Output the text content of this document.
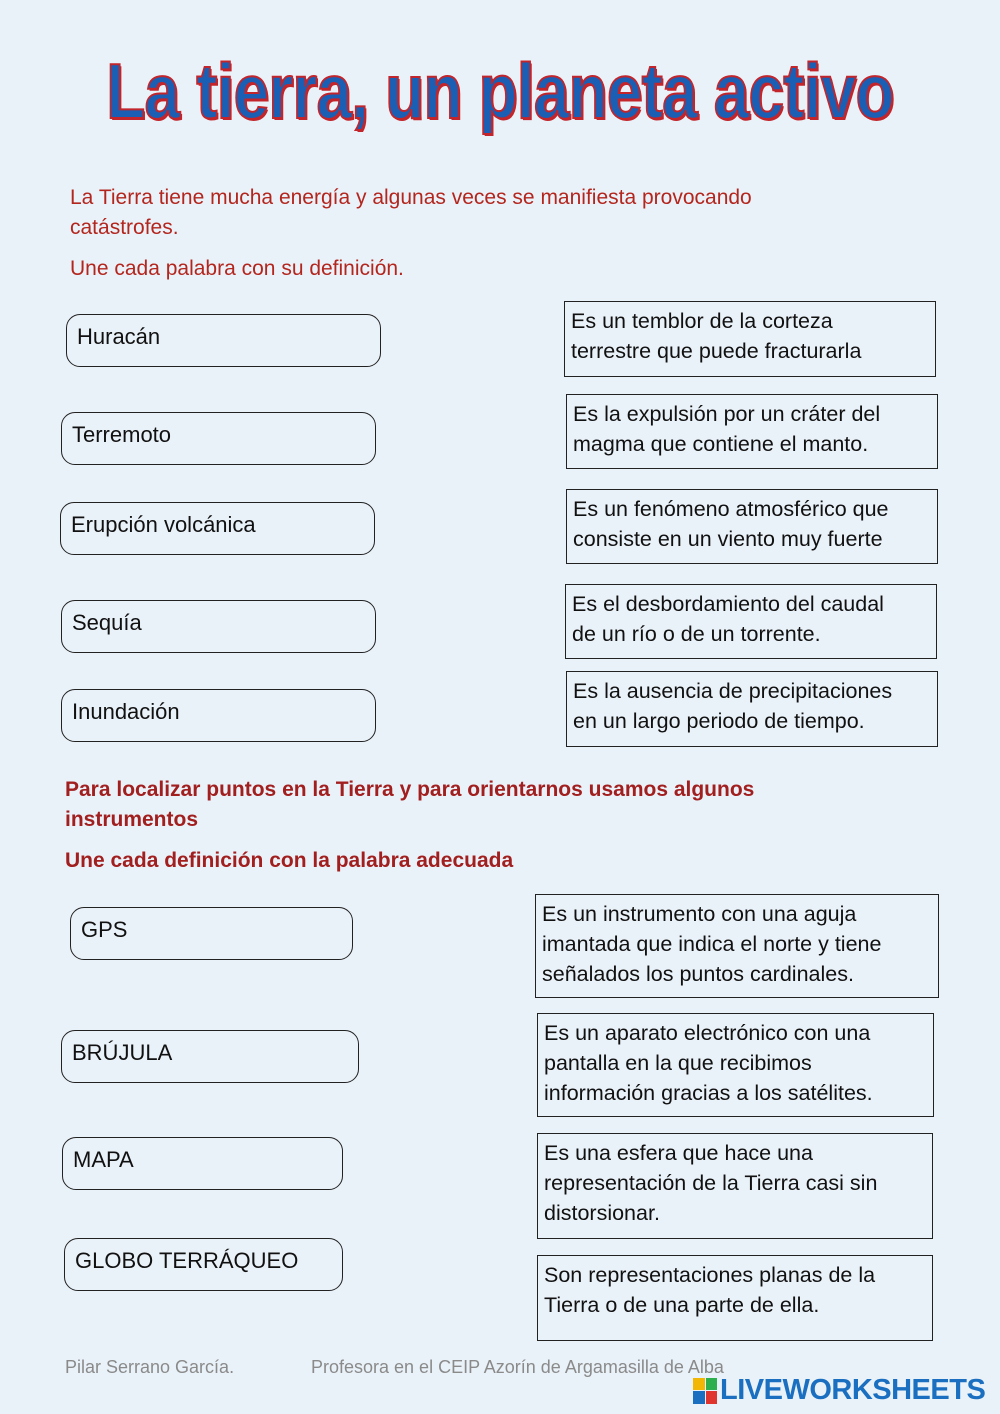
La tierra, un planeta activo
La Tierra tiene mucha energía y algunas veces se manifiesta provocando
catástrofes.
Une cada palabra con su definición.
Huracán
Terremoto
Erupción volcánica
Sequía
Inundación
Es un temblor de la corteza
terrestre que puede fracturarla
Es la expulsión por un cráter del
magma que contiene el manto.
Es un fenómeno atmosférico que
consiste en un viento muy fuerte
Es el desbordamiento del caudal
de un río o de un torrente.
Es la ausencia de precipitaciones
en un largo periodo de tiempo.
Para localizar puntos en la Tierra y para orientarnos usamos algunos
instrumentos
Une cada definición con la palabra adecuada
GPS
BRÚJULA
MAPA
GLOBO TERRÁQUEO
Es un instrumento con una aguja
imantada que indica el norte y tiene
señalados los puntos cardinales.
Es un aparato electrónico con una
pantalla en la que recibimos
información gracias a los satélites.
Es una esfera que hace una
representación de la Tierra casi sin
distorsionar.
Son representaciones planas de la
Tierra o de una parte de ella.
Pilar Serrano García.	Profesora en el CEIP Azorín de Argamasilla de Alba
LIVEWORKSHEETS
